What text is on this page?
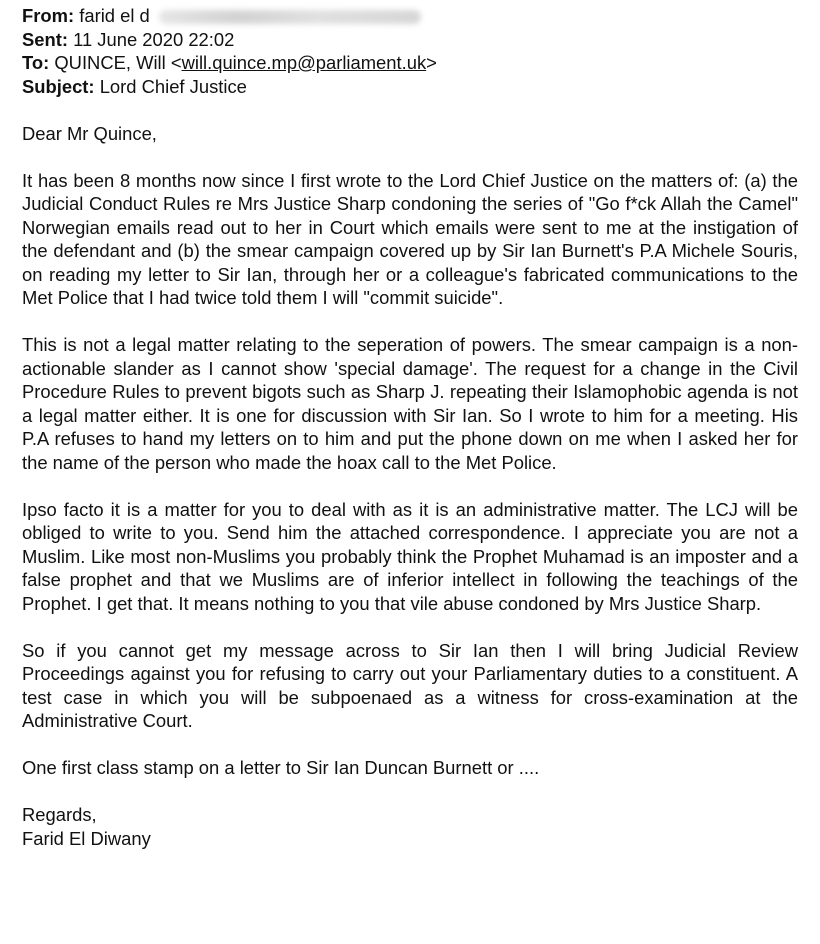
From: farid el d
Sent: 11 June 2020 22:02
To: QUINCE, Will <will.quince.mp@parliament.uk>
Subject: Lord Chief Justice

Dear Mr Quince,

It has been 8 months now since I first wrote to the Lord Chief Justice on the matters of: (a) the Judicial Conduct Rules re Mrs Justice Sharp condoning the series of "Go f*ck Allah the Camel" Norwegian emails read out to her in Court which emails were sent to me at the instigation of the defendant and (b) the smear campaign covered up by Sir Ian Burnett's P.A Michele Souris, on reading my letter to Sir Ian, through her or a colleague's fabricated communications to the Met Police that I had twice told them I will "commit suicide".

This is not a legal matter relating to the seperation of powers. The smear campaign is a non-actionable slander as I cannot show 'special damage'. The request for a change in the Civil Procedure Rules to prevent bigots such as Sharp J. repeating their Islamophobic agenda is not a legal matter either. It is one for discussion with Sir Ian. So I wrote to him for a meeting. His P.A refuses to hand my letters on to him and put the phone down on me when I asked her for the name of the person who made the hoax call to the Met Police.

Ipso facto it is a matter for you to deal with as it is an administrative matter. The LCJ will be obliged to write to you. Send him the attached correspondence. I appreciate you are not a Muslim. Like most non-Muslims you probably think the Prophet Muhamad is an imposter and a false prophet and that we Muslims are of inferior intellect in following the teachings of the Prophet. I get that. It means nothing to you that vile abuse condoned by Mrs Justice Sharp.

So if you cannot get my message across to Sir Ian then I will bring Judicial Review Proceedings against you for refusing to carry out your Parliamentary duties to a constituent. A test case in which you will be subpoenaed as a witness for cross-examination at the Administrative Court.

One first class stamp on a letter to Sir Ian Duncan Burnett or ....

Regards,

Farid El Diwany
